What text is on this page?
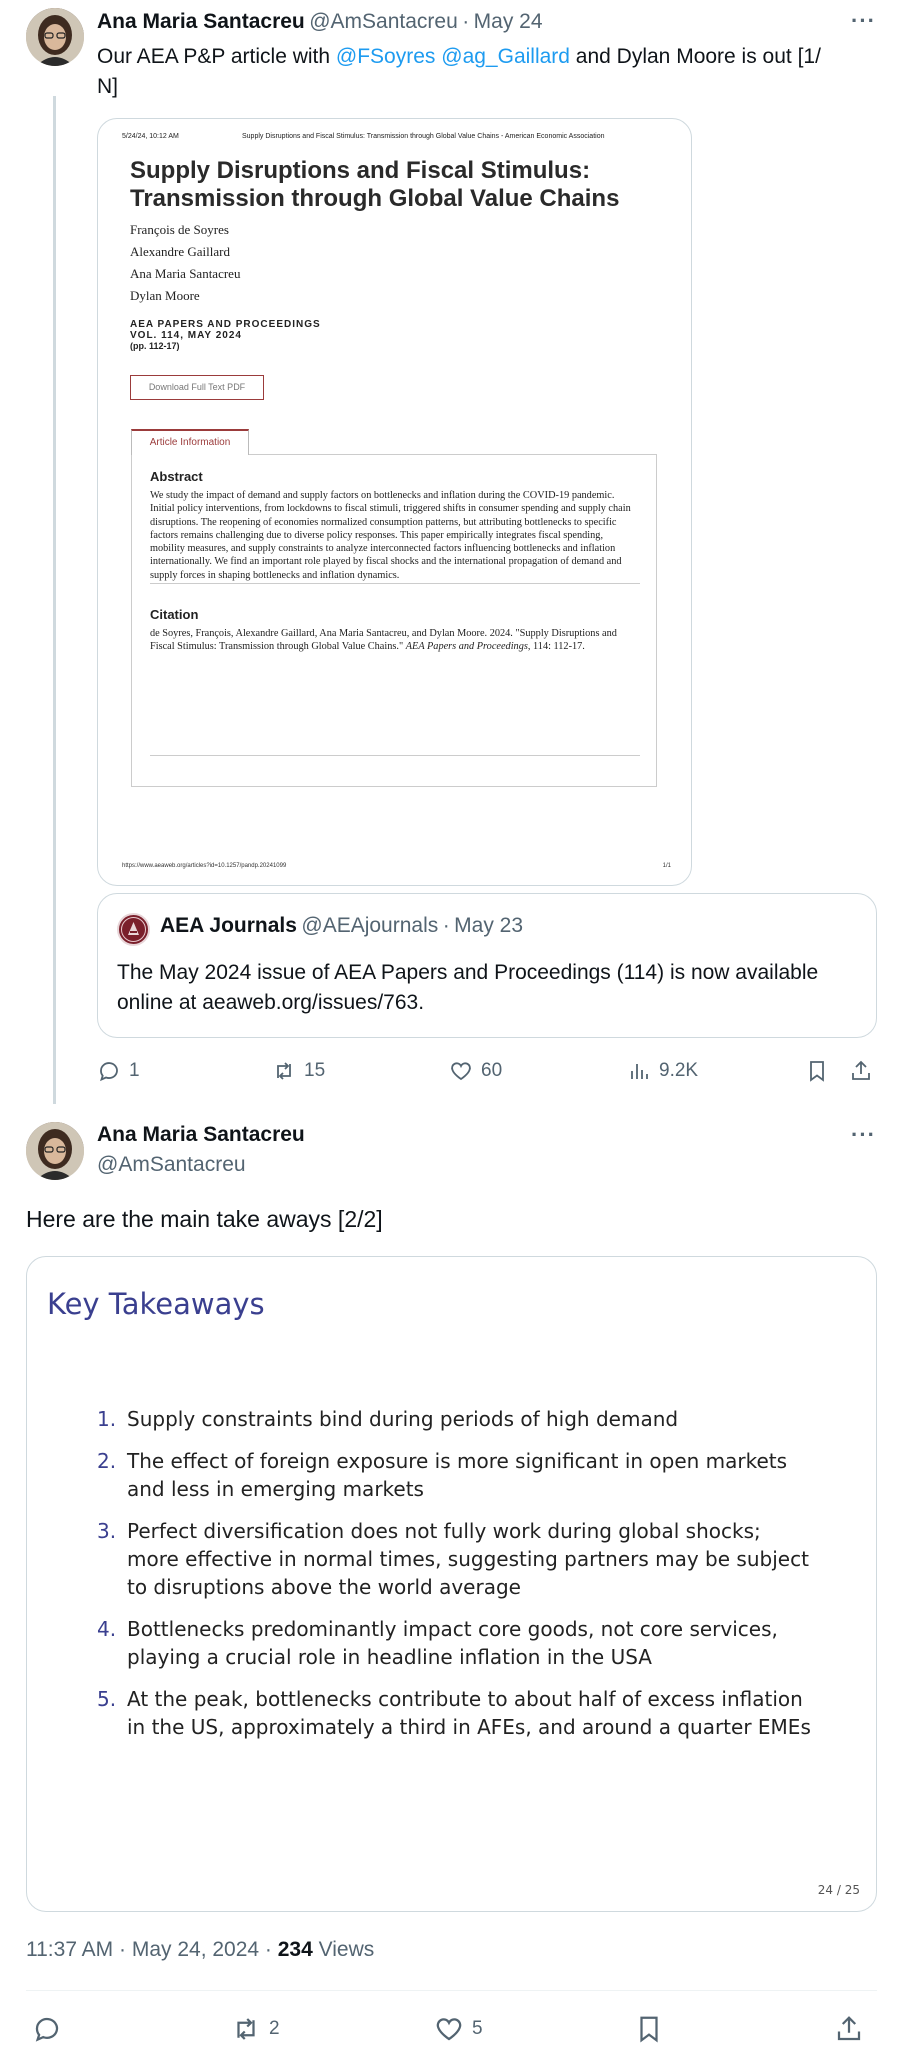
Ana Maria Santacreu @AmSantacreu · May 24	···
Our AEA P&P article with @FSoyres @ag_Gaillard and Dylan Moore is out [1/
N]
5/24/24, 10:12 AM	Supply Disruptions and Fiscal Stimulus: Transmission through Global Value Chains - American Economic Association
Supply Disruptions and Fiscal Stimulus:
Transmission through Global Value Chains
François de Soyres
Alexandre Gaillard
Ana Maria Santacreu
Dylan Moore
AEA PAPERS AND PROCEEDINGS
VOL. 114, MAY 2024
(pp. 112-17)
Download Full Text PDF
Article Information
Abstract
We study the impact of demand and supply factors on bottlenecks and inflation during the COVID-19 pandemic. Initial policy interventions, from lockdowns to fiscal stimuli, triggered shifts in consumer spending and supply chain disruptions. The reopening of economies normalized consumption patterns, but attributing bottlenecks to specific factors remains challenging due to diverse policy responses. This paper empirically integrates fiscal spending, mobility measures, and supply constraints to analyze interconnected factors influencing bottlenecks and inflation internationally. We find an important role played by fiscal shocks and the international propagation of demand and supply forces in shaping bottlenecks and inflation dynamics.
Citation
de Soyres, François, Alexandre Gaillard, Ana Maria Santacreu, and Dylan Moore. 2024. "Supply Disruptions and Fiscal Stimulus: Transmission through Global Value Chains." AEA Papers and Proceedings, 114: 112-17.
https://www.aeaweb.org/articles?id=10.1257/pandp.20241099	1/1
AEA Journals @AEAjournals · May 23
The May 2024 issue of AEA Papers and Proceedings (114) is now available online at aeaweb.org/issues/763.
1	15	60	9.2K
Ana Maria Santacreu
@AmSantacreu
···
Here are the main take aways [2/2]
Key Takeaways
1. Supply constraints bind during periods of high demand
2. The effect of foreign exposure is more significant in open markets and less in emerging markets
3. Perfect diversification does not fully work during global shocks; more effective in normal times, suggesting partners may be subject to disruptions above the world average
4. Bottlenecks predominantly impact core goods, not core services, playing a crucial role in headline inflation in the USA
5. At the peak, bottlenecks contribute to about half of excess inflation in the US, approximately a third in AFEs, and around a quarter EMEs
24 / 25
11:37 AM · May 24, 2024 · 234 Views
2	5
